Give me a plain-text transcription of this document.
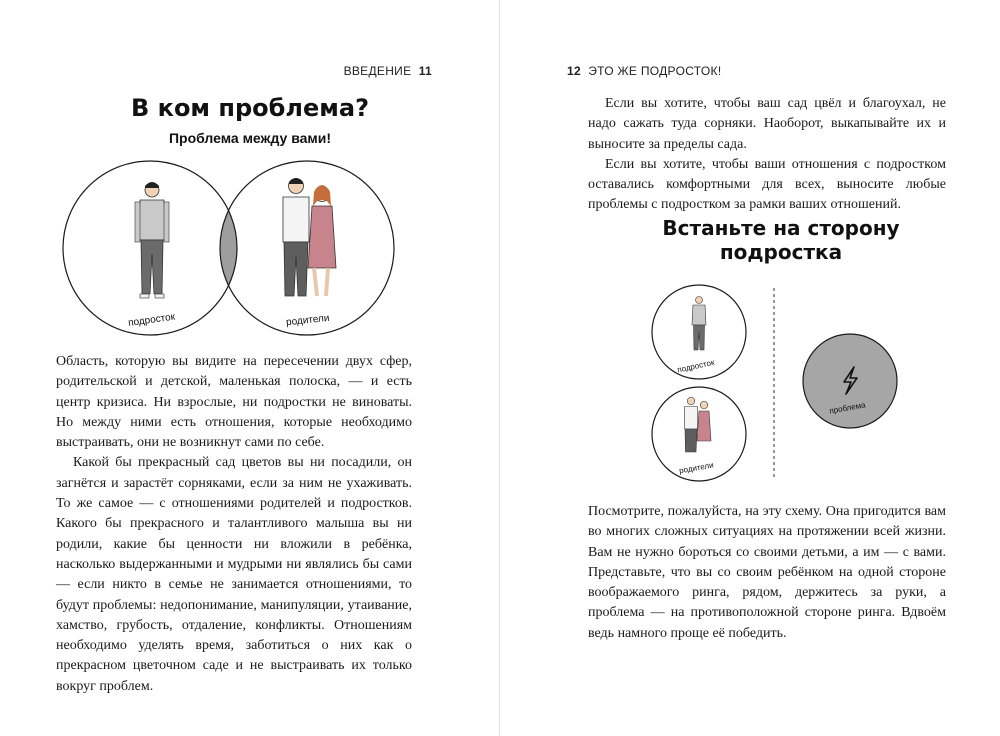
ВВЕДЕНИЕ 11
В ком проблема?
Проблема между вами!
подросток	родители

Область, которую вы видите на пересечении двух сфер, родительской и детской, маленькая полоска, — и есть центр кризиса. Ни взрослые, ни подростки не виноваты. Но между ними есть отношения, которые необходимо выстраивать, они не возникнут сами по себе.

Какой бы прекрасный сад цветов вы ни посадили, он загнётся и зарастёт сорняками, если за ним не ухаживать. То же самое — с отношениями родителей и подростков. Какого бы прекрасного и талантливого малыша вы ни родили, какие бы ценности ни вложили в ребёнка, насколько выдержанными и мудрыми ни являлись бы сами — если никто в семье не занимается отношениями, то будут проблемы: недопонимание, манипуляции, утаивание, хамство, грубость, отдаление, конфликты. Отношениям необходимо уделять время, заботиться о них как о прекрасном цветочном саде и не выстраивать их только вокруг проблем.

12 ЭТО ЖЕ ПОДРОСТОК!
Встаньте на сторону
подростка

Если вы хотите, чтобы ваш сад цвёл и благоухал, не надо сажать туда сорняки. Наоборот, выкапывайте их и выносите за пределы сада.

Если вы хотите, чтобы ваши отношения с подростком оставались комфортными для всех, выносите любые проблемы с подростком за рамки ваших отношений.

подросток
родители
проблема

Посмотрите, пожалуйста, на эту схему. Она пригодится вам во многих сложных ситуациях на протяжении всей жизни. Вам не нужно бороться со своими детьми, а им — с вами. Представьте, что вы со своим ребёнком на одной стороне воображаемого ринга, рядом, держитесь за руки, а проблема — на противоположной стороне ринга. Вдвоём ведь намного проще её победить.
